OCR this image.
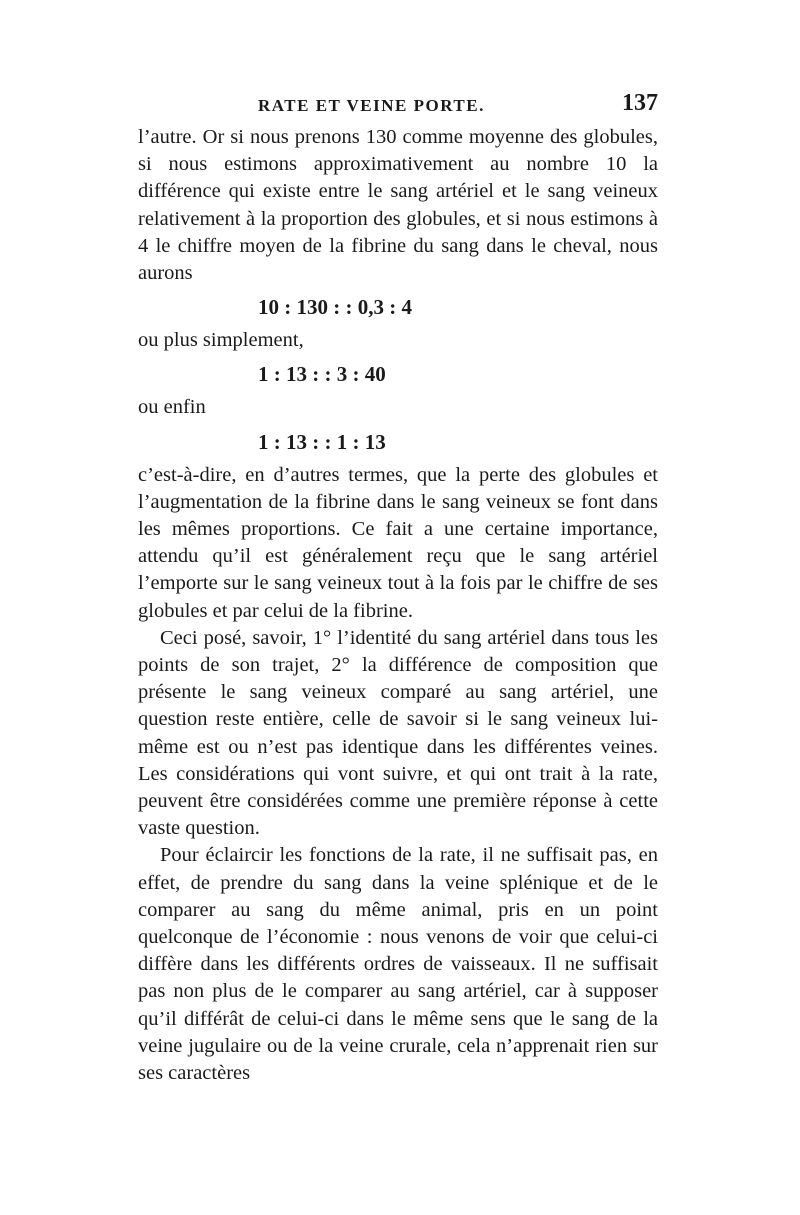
RATE ET VEINE PORTE.	137

l’autre. Or si nous prenons 130 comme moyenne des globules, si nous estimons approximativement au nombre 10 la différence qui existe entre le sang artériel et le sang veineux relativement à la proportion des globules, et si nous estimons à 4 le chiffre moyen de la fibrine du sang dans le cheval, nous aurons

10 : 130 : : 0,3 : 4

ou plus simplement,

1 : 13 : : 3 : 40

ou enfin

1 : 13 : : 1 : 13

c’est-à-dire, en d’autres termes, que la perte des globules et l’augmentation de la fibrine dans le sang veineux se font dans les mêmes proportions. Ce fait a une certaine importance, attendu qu’il est généralement reçu que le sang artériel l’emporte sur le sang veineux tout à la fois par le chiffre de ses globules et par celui de la fibrine.

Ceci posé, savoir, 1° l’identité du sang artériel dans tous les points de son trajet, 2° la différence de composition que présente le sang veineux comparé au sang artériel, une question reste entière, celle de savoir si le sang veineux lui-même est ou n’est pas identique dans les différentes veines. Les considérations qui vont suivre, et qui ont trait à la rate, peuvent être considérées comme une première réponse à cette vaste question.

Pour éclaircir les fonctions de la rate, il ne suffisait pas, en effet, de prendre du sang dans la veine splénique et de le comparer au sang du même animal, pris en un point quelconque de l’économie : nous venons de voir que celui-ci diffère dans les différents ordres de vaisseaux. Il ne suffisait pas non plus de le comparer au sang artériel, car à supposer qu’il différât de celui-ci dans le même sens que le sang de la veine jugulaire ou de la veine crurale, cela n’apprenait rien sur ses caractères
